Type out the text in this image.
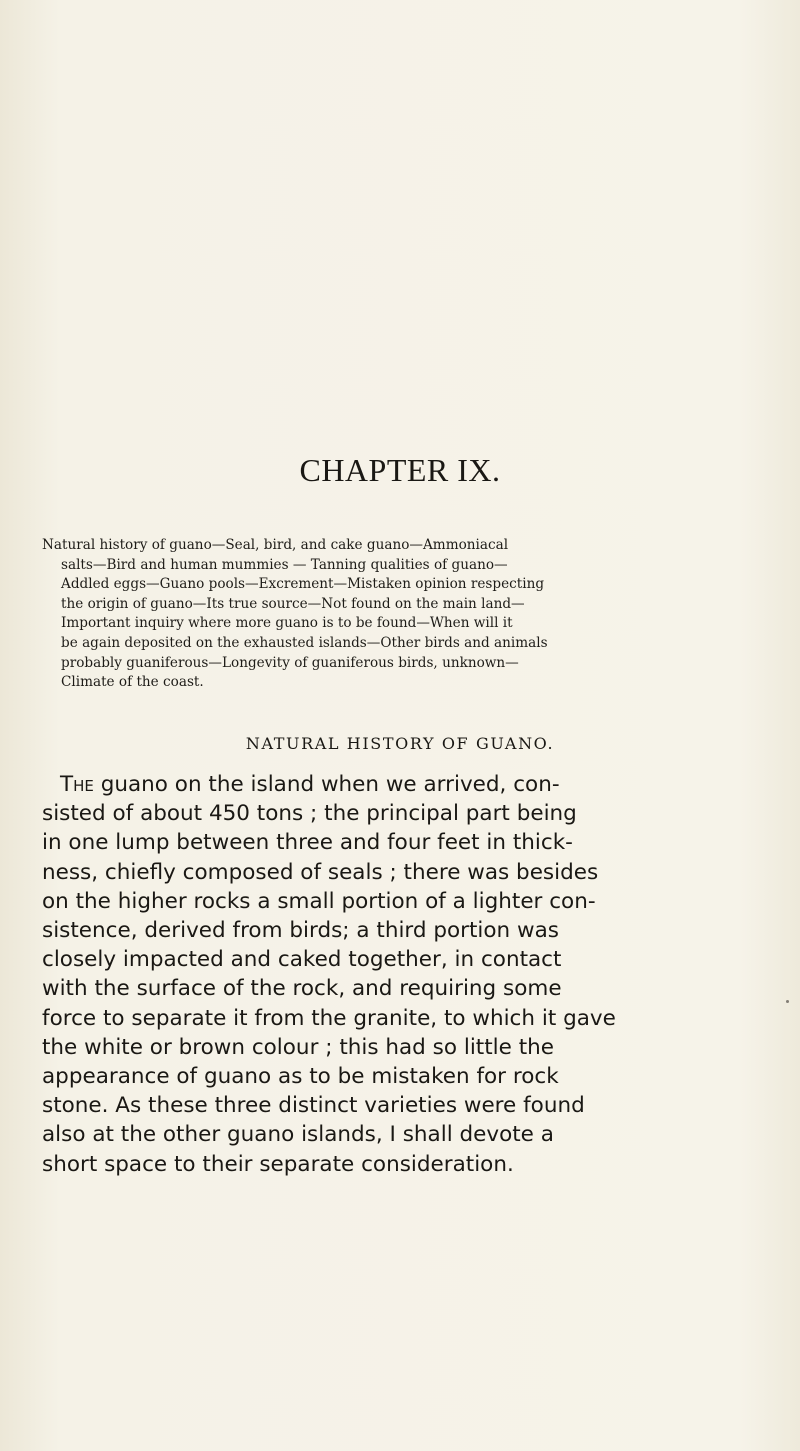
CHAPTER IX.
Natural history of guano—Seal, bird, and cake guano—Ammoniacal
salts—Bird and human mummies — Tanning qualities of guano—
Addled eggs—Guano pools—Excrement—Mistaken opinion respecting
the origin of guano—Its true source—Not found on the main land—
Important inquiry where more guano is to be found—When will it
be again deposited on the exhausted islands—Other birds and animals
probably guaniferous—Longevity of guaniferous birds, unknown—
Climate of the coast.
NATURAL HISTORY OF GUANO.
The guano on the island when we arrived, con-
sisted of about 450 tons ; the principal part being
in one lump between three and four feet in thick-
ness, chiefly composed of seals ; there was besides
on the higher rocks a small portion of a lighter con-
sistence, derived from birds; a third portion was
closely impacted and caked together, in contact
with the surface of the rock, and requiring some
force to separate it from the granite, to which it gave
the white or brown colour ; this had so little the
appearance of guano as to be mistaken for rock
stone. As these three distinct varieties were found
also at the other guano islands, I shall devote a
short space to their separate consideration.
